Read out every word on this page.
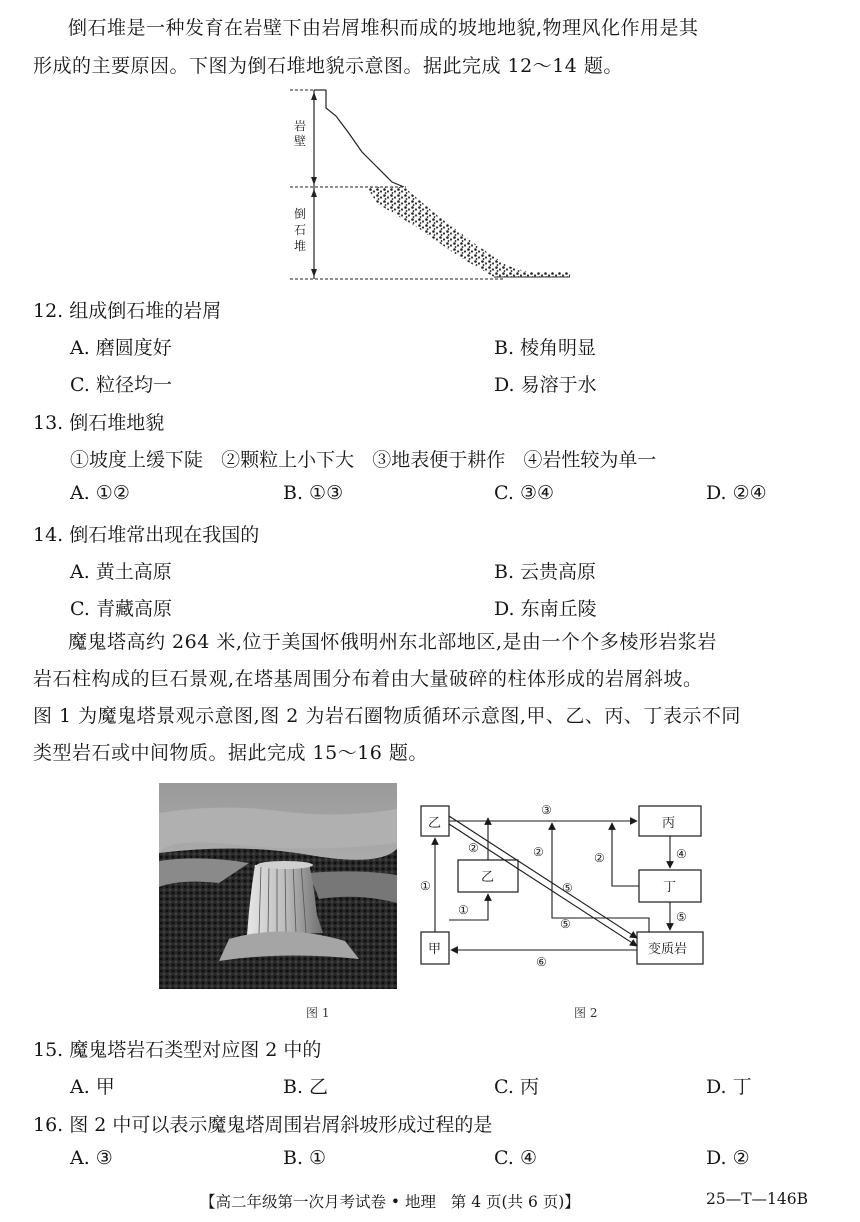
倒石堆是一种发育在岩壁下由岩屑堆积而成的坡地地貌,物理风化作用是其
形成的主要原因。下图为倒石堆地貌示意图。据此完成 12～14 题。
岩
壁
倒
石
堆
12. 组成倒石堆的岩屑
A. 磨圆度好	B. 棱角明显
C. 粒径均一	D. 易溶于水
13. 倒石堆地貌
①坡度上缓下陡   ②颗粒上小下大   ③地表便于耕作   ④岩性较为单一
A. ①②	B. ①③	C. ③④	D. ②④
14. 倒石堆常出现在我国的
A. 黄土高原	B. 云贵高原
C. 青藏高原	D. 东南丘陵
魔鬼塔高约 264 米,位于美国怀俄明州东北部地区,是由一个个多棱形岩浆岩
岩石柱构成的巨石景观,在塔基周围分布着由大量破碎的柱体形成的岩屑斜坡。
图 1 为魔鬼塔景观示意图,图 2 为岩石圈物质循环示意图,甲、乙、丙、丁表示不同
类型岩石或中间物质。据此完成 15～16 题。
图 1
乙
乙
丙
丁
甲	变质岩
①
①
②	②	②
③
④
⑤
⑤	⑤
⑥
图 2
15. 魔鬼塔岩石类型对应图 2 中的
A. 甲	B. 乙	C. 丙	D. 丁
16. 图 2 中可以表示魔鬼塔周围岩屑斜坡形成过程的是
A. ③	B. ①	C. ④	D. ②
【高二年级第一次月考试卷 • 地理   第 4 页(共 6 页)】	25—T—146B
